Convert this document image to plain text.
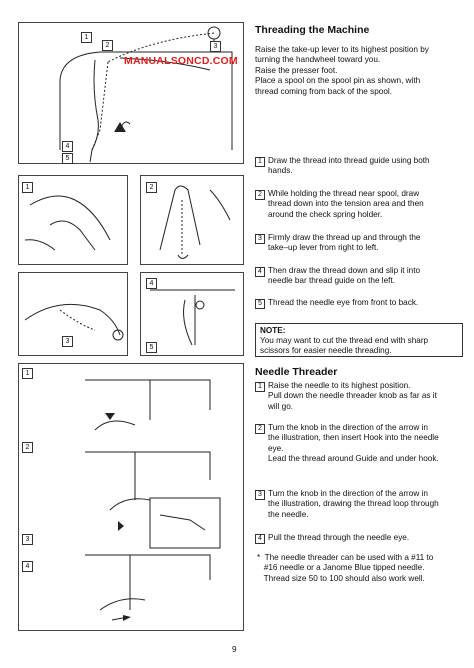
1
2	3
4
5
1	2
3
4
5
1
2
3
4
MANUALSONCD.COM
Threading the Machine
Raise the take-up lever to its highest position by
turning the handwheel toward you.
Raise the presser foot.
Place a spool on the spool pin as shown, with
thread coming from back of the spool.
1 Draw the thread into thread guide using both
hands.
2 While holding the thread near spool, draw
thread down into the tension area and then
around the check spring holder.
3 Firmly draw the thread up and through the
take–up lever from right to left.
4 Then draw the thread down and slip it into
needle bar thread guide on the left.
5 Thread the needle eye from front to back.
NOTE:
You may want to cut the thread end with sharp
scissors for easier needle threading.
Needle Threader
1 Raise the needle to its highest position.
Pull down the needle threader knob as far as it
will go.
2 Turn the knob in the direction of the arrow in
the illustration, then insert Hook into the needle
eye.
Lead the thread around Guide and under hook.
3 Turn the knob in the direction of the arrow in
the illustration, drawing the thread loop through
the needle.
4 Pull the thread through the needle eye.
*  The needle threader can be used with a #11 to
#16 needle or a Janome Blue tipped needle.
Thread size 50 to 100 should also work well.
9
